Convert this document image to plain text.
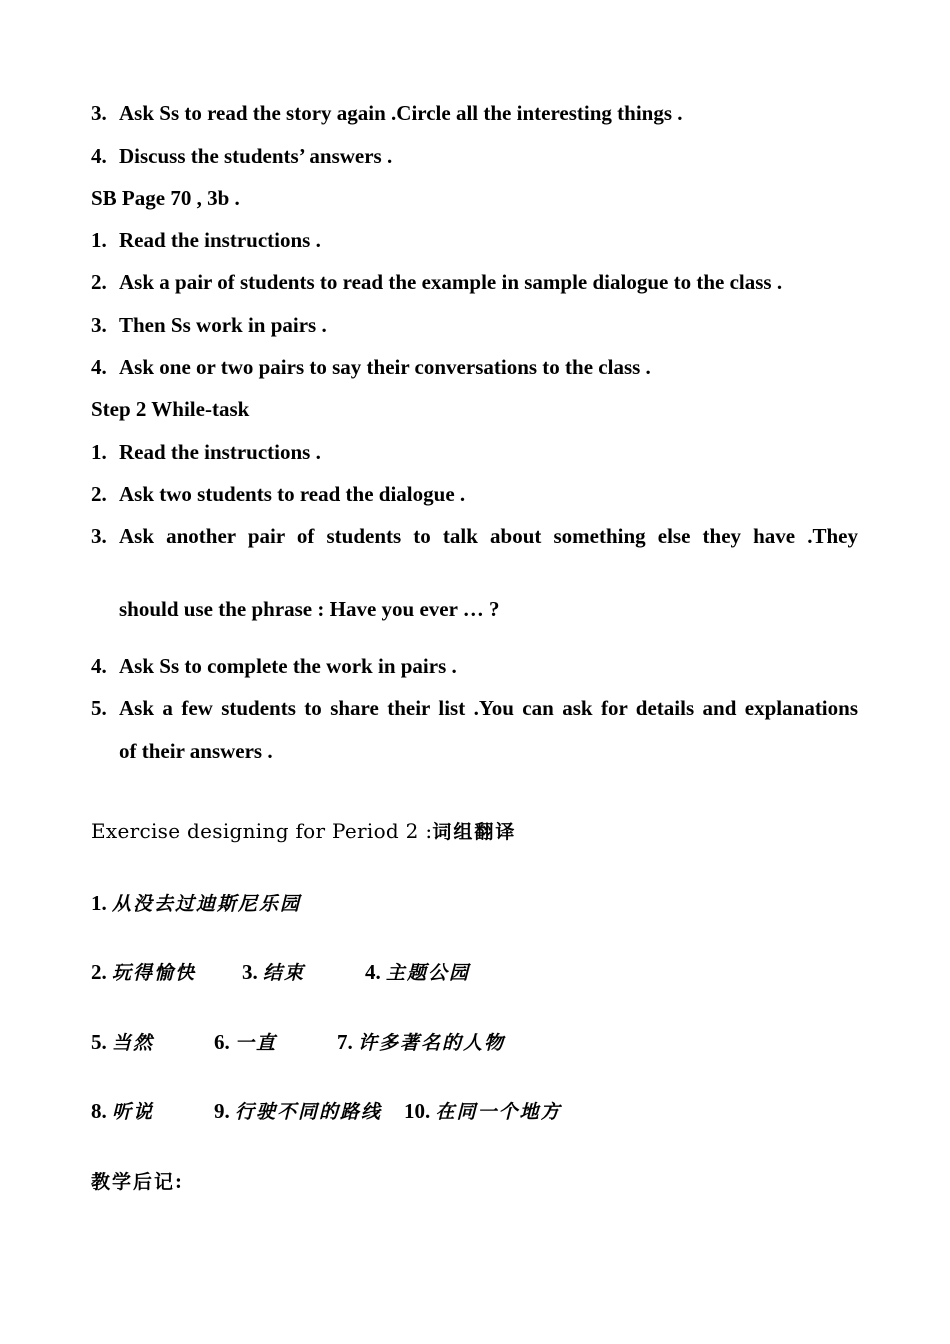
3. Ask Ss to read the story again .Circle all the interesting things .
4. Discuss the students’ answers .
SB Page 70 , 3b .
1. Read the instructions .
2. Ask a pair of students to read the example in sample dialogue to the class .
3. Then Ss work in pairs .
4. Ask one or two pairs to say their conversations to the class .
Step 2 While-task
1. Read the instructions .
2. Ask two students to read the dialogue .
3. Ask another pair of students to talk about something else they have .They
should use the phrase : Have you ever … ?
4. Ask Ss to complete the work in pairs .
5. Ask a few students to share their list .You can ask for details and explanations
of their answers .
Exercise designing for Period 2 :词组翻译
1. 从没去过迪斯尼乐园
2. 玩得愉快 3. 结束	4. 主题公园
5. 当然	6. 一直	7. 许多著名的人物
8. 听说	9. 行驶不同的路线 10. 在同一个地方
教学后记:
